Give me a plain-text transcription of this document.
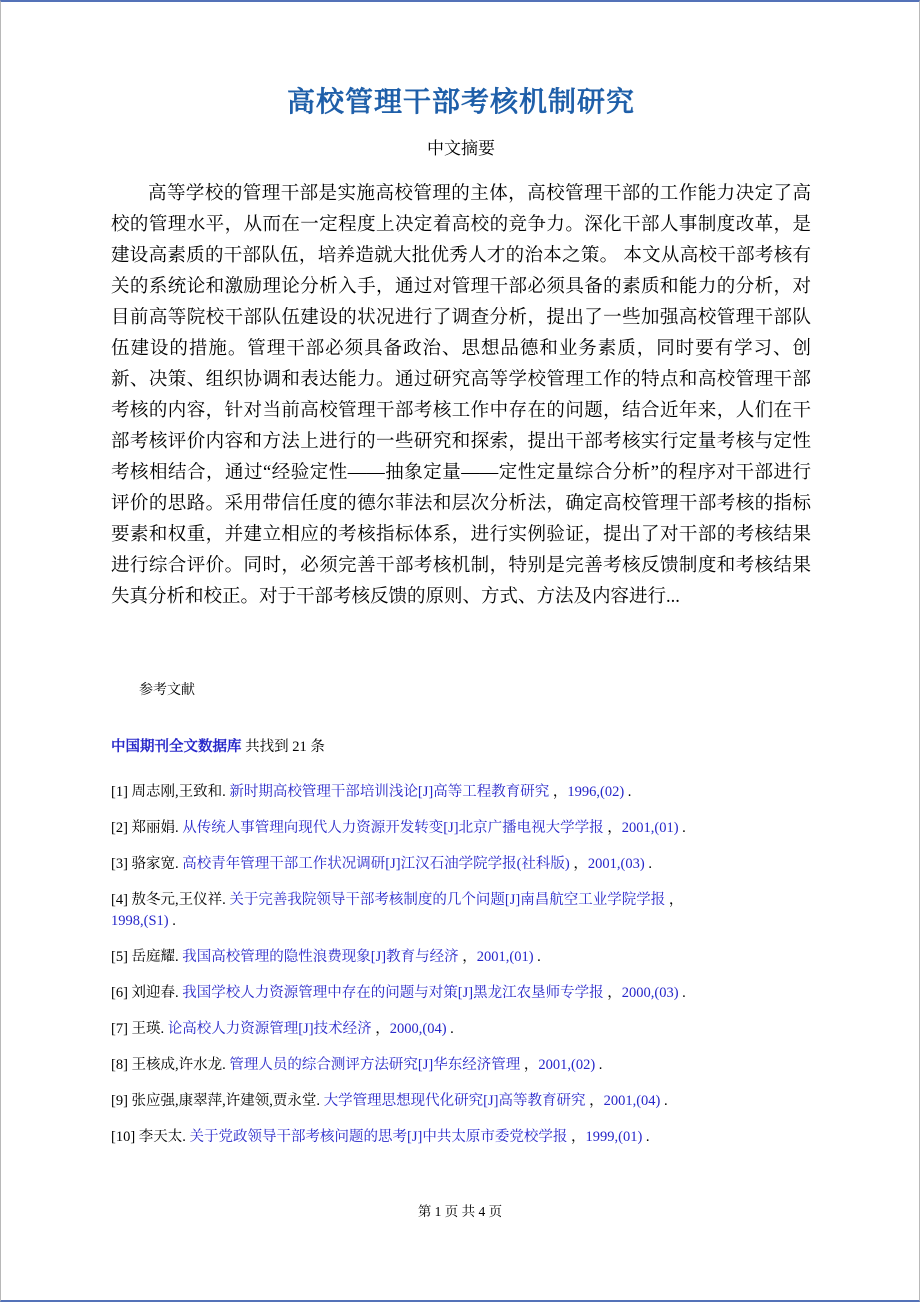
高校管理干部考核机制研究
中文摘要

高等学校的管理干部是实施高校管理的主体，高校管理干部的工作能力决定了高校的管理水平，从而在一定程度上决定着高校的竞争力。深化干部人事制度改革，是建设高素质的干部队伍，培养造就大批优秀人才的治本之策。 本文从高校干部考核有关的系统论和激励理论分析入手，通过对管理干部必须具备的素质和能力的分析，对目前高等院校干部队伍建设的状况进行了调查分析，提出了一些加强高校管理干部队伍建设的措施。管理干部必须具备政治、思想品德和业务素质，同时要有学习、创新、决策、组织协调和表达能力。通过研究高等学校管理工作的特点和高校管理干部考核的内容，针对当前高校管理干部考核工作中存在的问题，结合近年来，人们在干部考核评价内容和方法上进行的一些研究和探索，提出干部考核实行定量考核与定性考核相结合，通过“经验定性——抽象定量——定性定量综合分析”的程序对干部进行评价的思路。采用带信任度的德尔菲法和层次分析法，确定高校管理干部考核的指标要素和权重，并建立相应的考核指标体系，进行实例验证，提出了对干部的考核结果进行综合评价。同时，必须完善干部考核机制，特别是完善考核反馈制度和考核结果失真分析和校正。对于干部考核反馈的原则、方式、方法及内容进行...

参考文献

中国期刊全文数据库 共找到 21 条

[1] 周志刚,王致和. 新时期高校管理干部培训浅论[J]高等工程教育研究 ，1996,(02) .

[2] 郑丽娟. 从传统人事管理向现代人力资源开发转变[J]北京广播电视大学学报 ，2001,(01) .

[3] 骆家宽. 高校青年管理干部工作状况调研[J]江汉石油学院学报(社科版) ，2001,(03) .

[4] 敖冬元,王仪祥. 关于完善我院领导干部考核制度的几个问题[J]南昌航空工业学院学报 ，
1998,(S1) .

[5] 岳庭耀. 我国高校管理的隐性浪费现象[J]教育与经济 ，2001,(01) .

[6] 刘迎春. 我国学校人力资源管理中存在的问题与对策[J]黑龙江农垦师专学报 ，2000,(03) .

[7] 王瑛. 论高校人力资源管理[J]技术经济 ，2000,(04) .

[8] 王核成,许水龙. 管理人员的综合测评方法研究[J]华东经济管理 ，2001,(02) .

[9] 张应强,康翠萍,许建领,贾永堂. 大学管理思想现代化研究[J]高等教育研究 ，2001,(04) .

[10] 李天太. 关于党政领导干部考核问题的思考[J]中共太原市委党校学报 ，1999,(01) .

第 1 页 共 4 页
